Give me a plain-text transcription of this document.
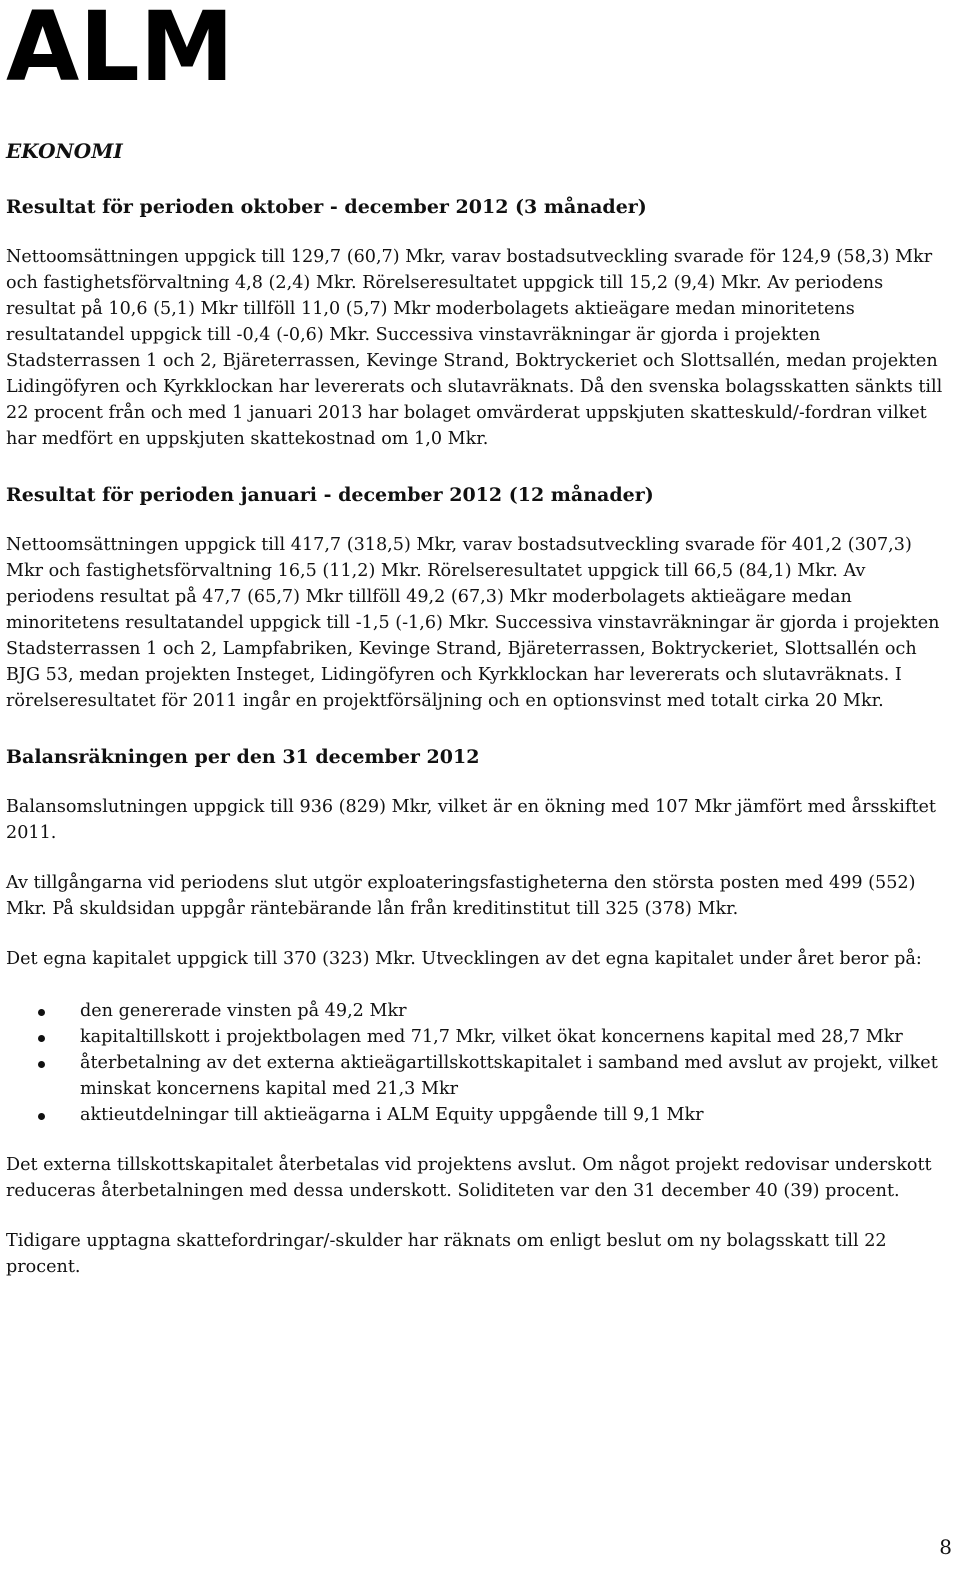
ALM
EKONOMI
Resultat för perioden oktober - december 2012 (3 månader)

Nettoomsättningen uppgick till 129,7 (60,7) Mkr, varav bostadsutveckling svarade för 124,9 (58,3) Mkr och fastighetsförvaltning 4,8 (2,4) Mkr. Rörelseresultatet uppgick till 15,2 (9,4) Mkr. Av periodens resultat på 10,6 (5,1) Mkr tillföll 11,0 (5,7) Mkr moderbolagets aktieägare medan minoritetens resultatandel uppgick till -0,4 (-0,6) Mkr. Successiva vinstavräkningar är gjorda i projekten Stadsterrassen 1 och 2, Bjäreterrassen, Kevinge Strand, Boktryckeriet och Slottsallén, medan projekten Lidingöfyren och Kyrkklockan har levererats och slutavräknats. Då den svenska bolagsskatten sänkts till 22 procent från och med 1 januari 2013 har bolaget omvärderat uppskjuten skatteskuld/-fordran vilket har medfört en uppskjuten skattekostnad om 1,0 Mkr.

Resultat för perioden januari - december 2012 (12 månader)

Nettoomsättningen uppgick till 417,7 (318,5) Mkr, varav bostadsutveckling svarade för 401,2 (307,3) Mkr och fastighetsförvaltning 16,5 (11,2) Mkr. Rörelseresultatet uppgick till 66,5 (84,1) Mkr. Av periodens resultat på 47,7 (65,7) Mkr tillföll 49,2 (67,3) Mkr moderbolagets aktieägare medan minoritetens resultatandel uppgick till -1,5 (-1,6) Mkr. Successiva vinstavräkningar är gjorda i projekten Stadsterrassen 1 och 2, Lampfabriken, Kevinge Strand, Bjäreterrassen, Boktryckeriet, Slottsallén och BJG 53, medan projekten Insteget, Lidingöfyren och Kyrkklockan har levererats och slutavräknats. I rörelseresultatet för 2011 ingår en projektförsäljning och en optionsvinst med totalt cirka 20 Mkr.

Balansräkningen per den 31 december 2012

Balansomslutningen uppgick till 936 (829) Mkr, vilket är en ökning med 107 Mkr jämfört med årsskiftet 2011.

Av tillgångarna vid periodens slut utgör exploateringsfastigheterna den största posten med 499 (552) Mkr. På skuldsidan uppgår räntebärande lån från kreditinstitut till 325 (378) Mkr.

Det egna kapitalet uppgick till 370 (323) Mkr. Utvecklingen av det egna kapitalet under året beror på:

den genererade vinsten på 49,2 Mkr
kapitaltillskott i projektbolagen med 71,7 Mkr, vilket ökat koncernens kapital med 28,7 Mkr
återbetalning av det externa aktieägartillskottskapitalet i samband med avslut av projekt, vilket minskat koncernens kapital med 21,3 Mkr
aktieutdelningar till aktieägarna i ALM Equity uppgående till 9,1 Mkr

Det externa tillskottskapitalet återbetalas vid projektens avslut. Om något projekt redovisar underskott reduceras återbetalningen med dessa underskott. Soliditeten var den 31 december 40 (39) procent.

Tidigare upptagna skattefordringar/-skulder har räknats om enligt beslut om ny bolagsskatt till 22 procent.

8
